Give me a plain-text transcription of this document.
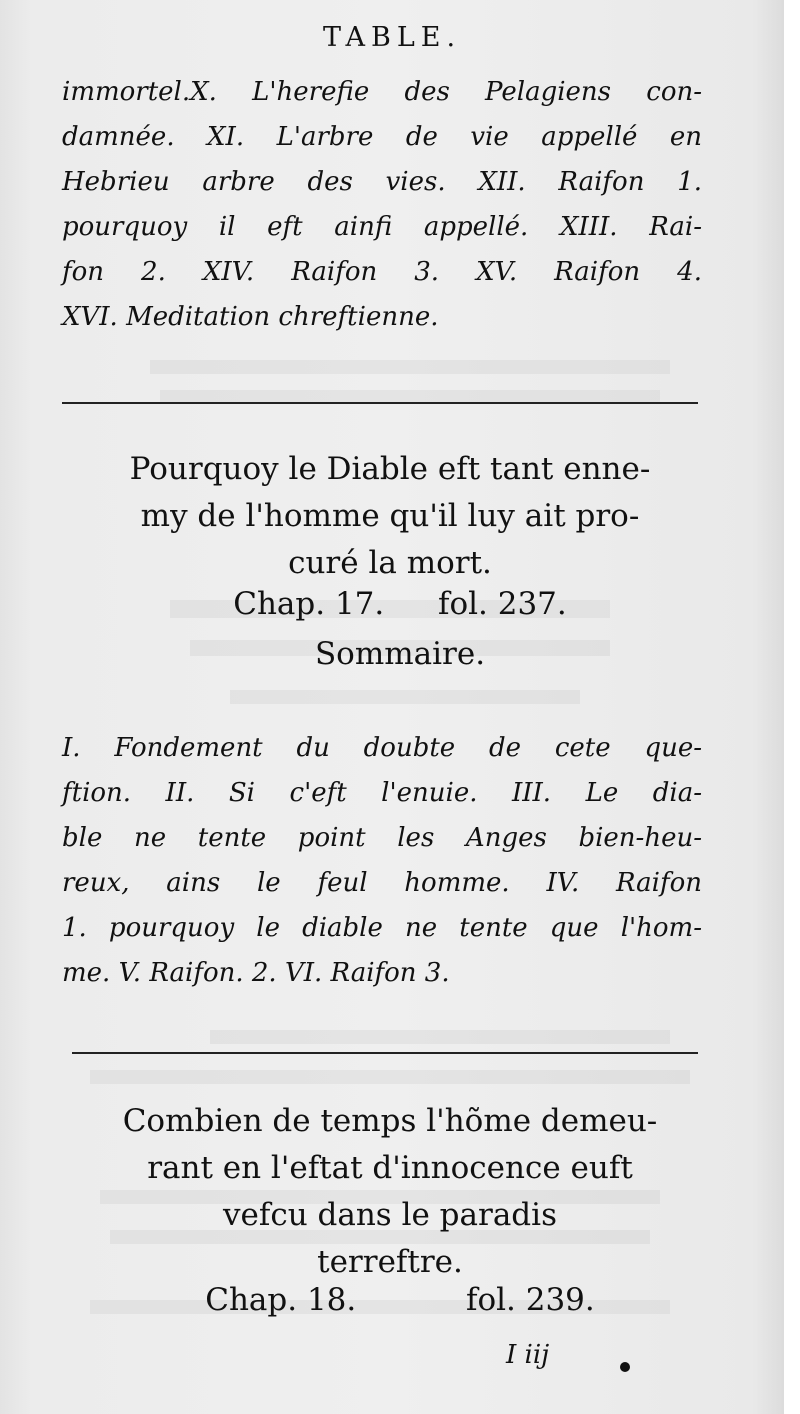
TABLE.
immortel.X. L'herefie des Pelagiens con-
damnée. XI. L'arbre de vie appellé en
Hebrieu arbre des vies. XII. Raifon 1.
pourquoy il eft ainfi appellé. XIII. Rai-
fon 2. XIV. Raifon 3. XV. Raifon 4.
XVI. Meditation chreftienne.
Pourquoy le Diable eft tant enne-
my de l'homme qu'il luy ait pro-
curé la mort.
Chap. 17. fol. 237.
Sommaire.
I. Fondement du doubte de cete que-
ftion. II. Si c'eft l'enuie. III. Le dia-
ble ne tente point les Anges bien-heu-
reux, ains le feul homme. IV. Raifon
1. pourquoy le diable ne tente que l'hom-
me. V. Raifon. 2. VI. Raifon 3.
Combien de temps l'hõme demeu-
rant en l'eftat d'innocence euft
vefcu dans le paradis
terreftre.
Chap. 18.	fol. 239.
I iij
